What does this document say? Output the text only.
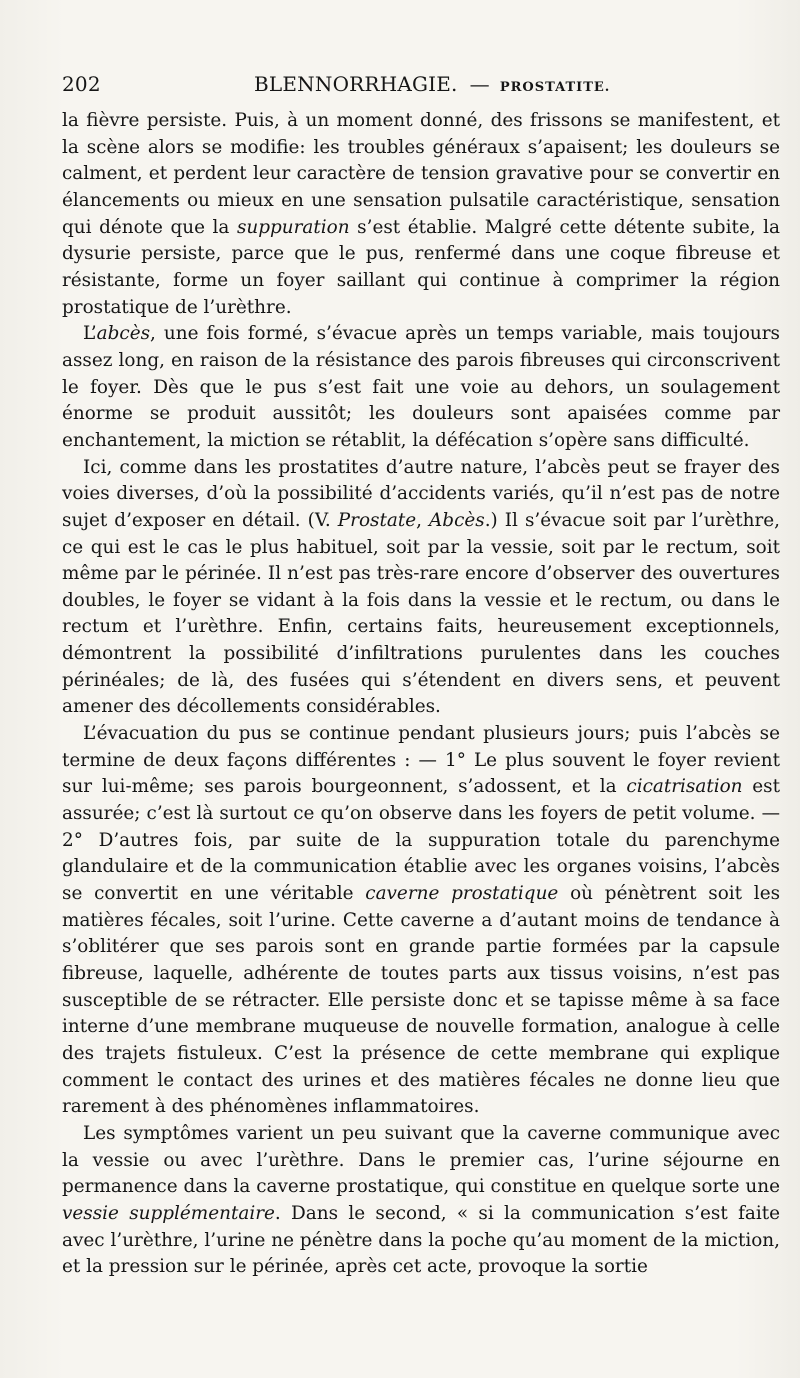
202	BLENNORRHAGIE. — PROSTATITE.

la fièvre persiste. Puis, à un moment donné, des frissons se manifestent, et la scène alors se modifie: les troubles généraux s’apaisent; les douleurs se calment, et perdent leur caractère de tension gravative pour se convertir en élancements ou mieux en une sensation pulsatile caractéristique, sensation qui dénote que la suppuration s’est établie. Malgré cette détente subite, la dysurie persiste, parce que le pus, renfermé dans une coque fibreuse et résistante, forme un foyer saillant qui continue à comprimer la région prostatique de l’urèthre.

L’abcès, une fois formé, s’évacue après un temps variable, mais toujours assez long, en raison de la résistance des parois fibreuses qui circonscrivent le foyer. Dès que le pus s’est fait une voie au dehors, un soulagement énorme se produit aussitôt; les douleurs sont apaisées comme par enchantement, la miction se rétablit, la défécation s’opère sans difficulté.

Ici, comme dans les prostatites d’autre nature, l’abcès peut se frayer des voies diverses, d’où la possibilité d’accidents variés, qu’il n’est pas de notre sujet d’exposer en détail. (V. Prostate, Abcès.) Il s’évacue soit par l’urèthre, ce qui est le cas le plus habituel, soit par la vessie, soit par le rectum, soit même par le périnée. Il n’est pas très-rare encore d’observer des ouvertures doubles, le foyer se vidant à la fois dans la vessie et le rectum, ou dans le rectum et l’urèthre. Enfin, certains faits, heureusement exceptionnels, démontrent la possibilité d’infiltrations purulentes dans les couches périnéales; de là, des fusées qui s’étendent en divers sens, et peuvent amener des décollements considérables.

L’évacuation du pus se continue pendant plusieurs jours; puis l’abcès se termine de deux façons différentes : — 1° Le plus souvent le foyer revient sur lui-même; ses parois bourgeonnent, s’adossent, et la cicatrisation est assurée; c’est là surtout ce qu’on observe dans les foyers de petit volume. — 2° D’autres fois, par suite de la suppuration totale du parenchyme glandulaire et de la communication établie avec les organes voisins, l’abcès se convertit en une véritable caverne prostatique où pénètrent soit les matières fécales, soit l’urine. Cette caverne a d’autant moins de tendance à s’oblitérer que ses parois sont en grande partie formées par la capsule fibreuse, laquelle, adhérente de toutes parts aux tissus voisins, n’est pas susceptible de se rétracter. Elle persiste donc et se tapisse même à sa face interne d’une membrane muqueuse de nouvelle formation, analogue à celle des trajets fistuleux. C’est la présence de cette membrane qui explique comment le contact des urines et des matières fécales ne donne lieu que rarement à des phénomènes inflammatoires.

Les symptômes varient un peu suivant que la caverne communique avec la vessie ou avec l’urèthre. Dans le premier cas, l’urine séjourne en permanence dans la caverne prostatique, qui constitue en quelque sorte une vessie supplémentaire. Dans le second, « si la communication s’est faite avec l’urèthre, l’urine ne pénètre dans la poche qu’au moment de la miction, et la pression sur le périnée, après cet acte, provoque la sortie
